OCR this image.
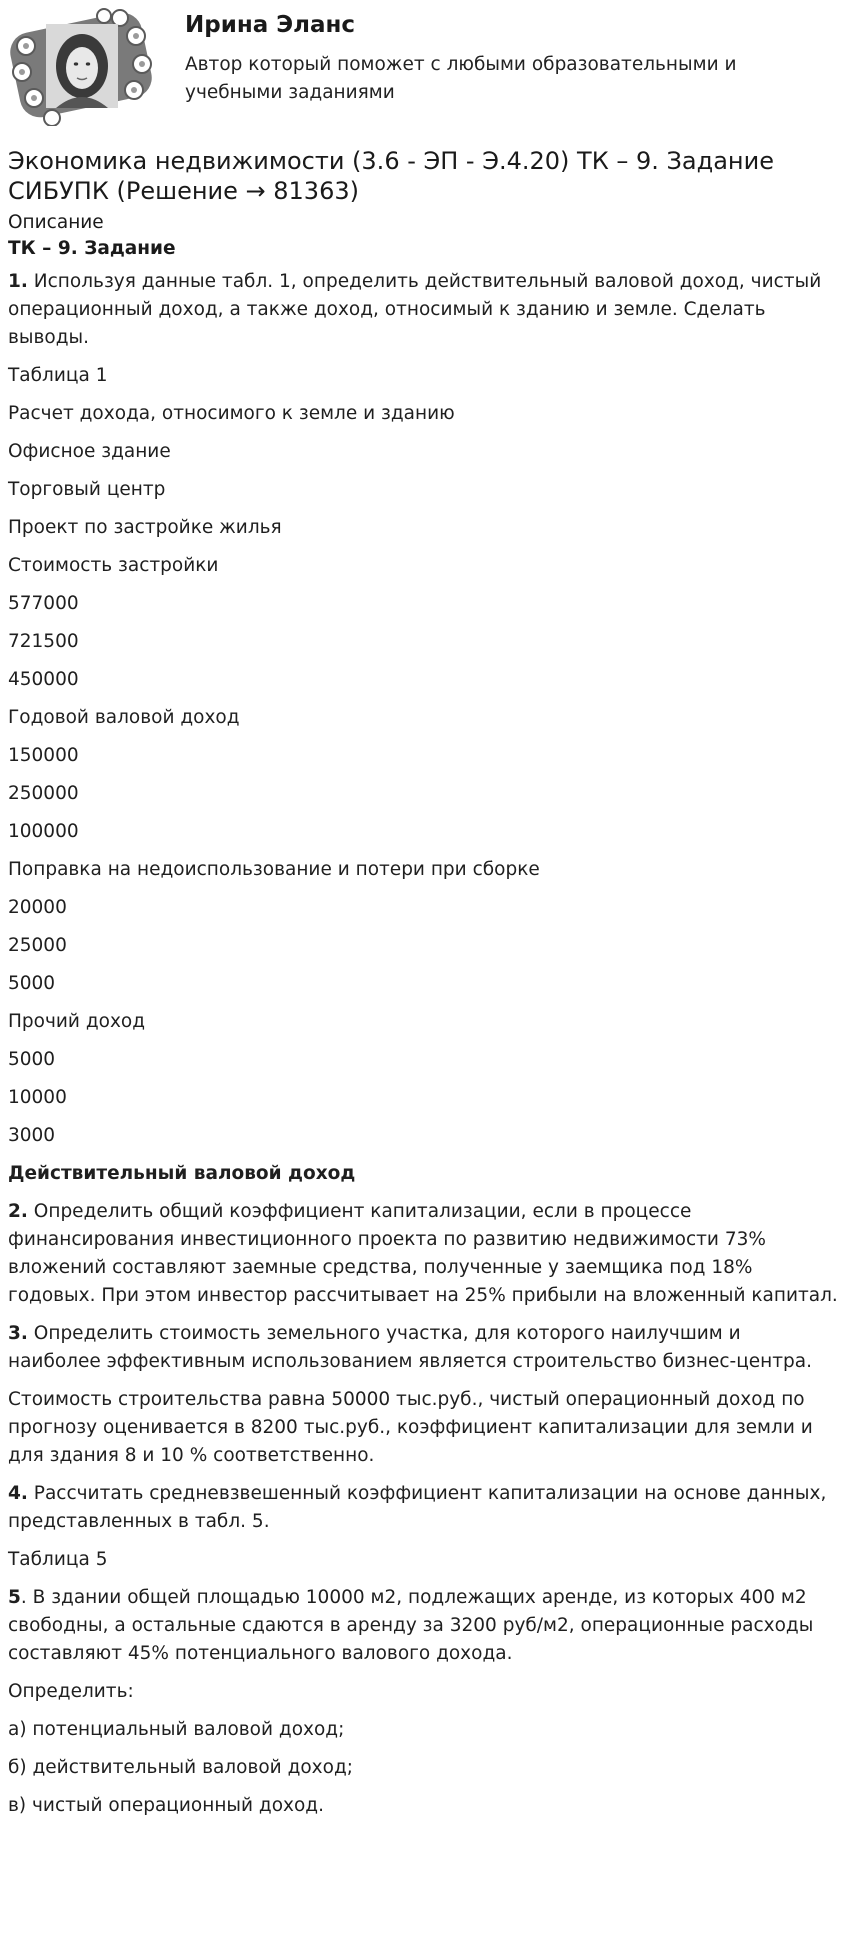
Ирина Эланс

Автор который поможет с любыми образовательными и учебными заданиями

Экономика недвижимости (3.6 - ЭП - Э.4.20) ТК – 9. Задание СИБУПК (Решение → 81363)

Описание

ТК – 9. Задание

1. Используя данные табл. 1, определить действительный валовой доход, чистый операционный доход, а также доход, относимый к зданию и земле. Сделать выводы.

Таблица 1

Расчет дохода, относимого к земле и зданию

Офисное здание

Торговый центр

Проект по застройке жилья

Стоимость застройки

577000

721500

450000

Годовой валовой доход

150000

250000

100000

Поправка на недоиспользование и потери при сборке

20000

25000

5000

Прочий доход

5000

10000

3000

Действительный валовой доход

2. Определить общий коэффициент капитализации, если в процессе финансирования инвестиционного проекта по развитию недвижимости 73% вложений составляют заемные средства, полученные у заемщика под 18% годовых. При этом инвестор рассчитывает на 25% прибыли на вложенный капитал.

3. Определить стоимость земельного участка, для которого наилучшим и наиболее эффективным использованием является строительство бизнес-центра.

Стоимость строительства равна 50000 тыс.руб., чистый операционный доход по прогнозу оценивается в 8200 тыс.руб., коэффициент капитализации для земли и для здания 8 и 10 % соответственно.

4. Рассчитать средневзвешенный коэффициент капитализации на основе данных, представленных в табл. 5.

Таблица 5

5. В здании общей площадью 10000 м2, подлежащих аренде, из которых 400 м2 свободны, а остальные сдаются в аренду за 3200 руб/м2, операционные расходы составляют 45% потенциального валового дохода.

Определить:

а) потенциальный валовой доход;

б) действительный валовой доход;

в) чистый операционный доход.
